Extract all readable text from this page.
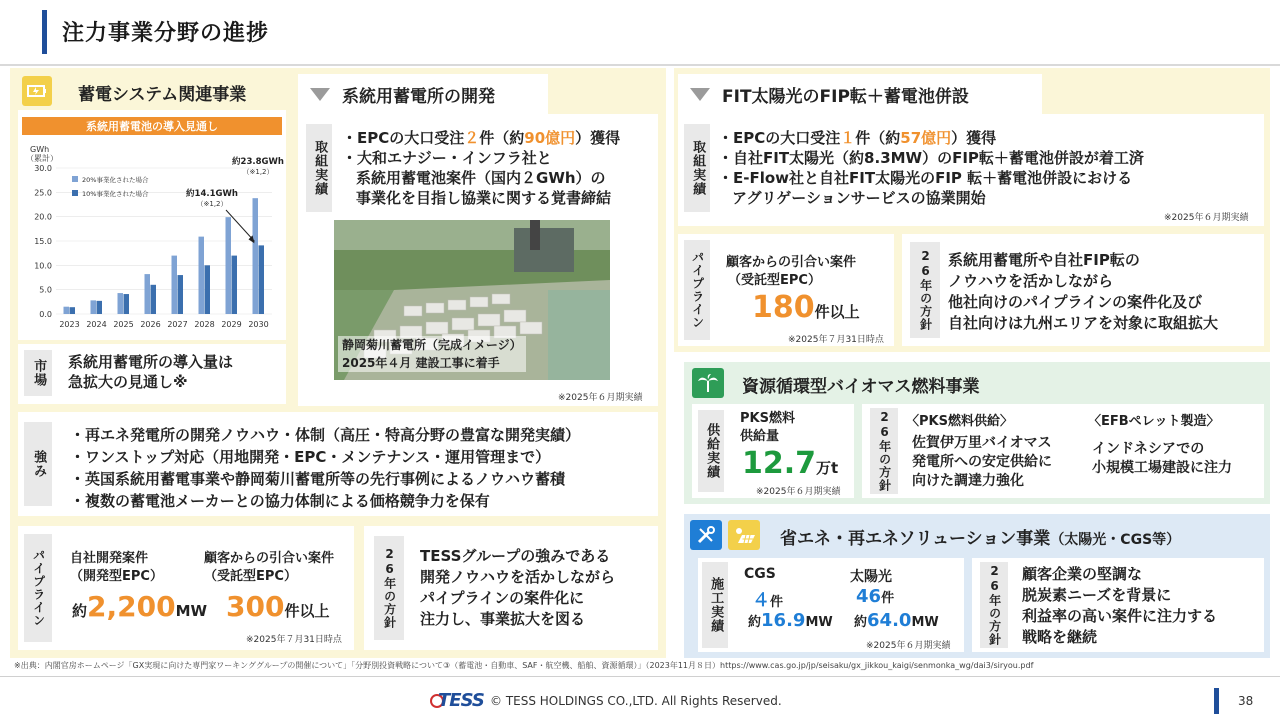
注力事業分野の進捗
蓄電システム関連事業
系統用蓄電池の導入見通し
GWh
（累計）
0.0
5.0
10.0
15.0
20.0
25.0
30.0
2023 2024 2025 2026 2027 2028 2029 2030
20%事業化された場合
10%事業化された場合
約23.8GWh
（※1,2）
約14.1GWh
（※1,2）
市場	系統用蓄電所の導入量は
急拡大の見通し※
強み
・再エネ発電所の開発ノウハウ・体制（高圧・特高分野の豊富な開発実績）
・ワンストップ対応（用地開発・EPC・メンテナンス・運用管理まで）
・英国系統用蓄電事業や静岡菊川蓄電所等の先行事例によるノウハウ蓄積
・複数の蓄電池メーカーとの協力体制による価格競争力を保有
パイプライン	自社開発案件
（開発型EPC）
顧客からの引合い案件
（受託型EPC）
約2,200MW 300件以上
※2025年７月31日時点
26年の方針	TESSグループの強みである
開発ノウハウを活かしながら
パイプラインの案件化に
注力し、事業拡大を図る
系統用蓄電所の開発
取組実績
・EPCの大口受注２件（約90億円）獲得
・大和エナジー・インフラ社と
系統用蓄電池案件（国内２GWh）の
事業化を目指し協業に関する覚書締結
静岡菊川蓄電所（完成イメージ）
2025年４月 建設工事に着手
※2025年６月期実績
FIT太陽光のFIP転＋蓄電池併設
取組実績
・EPCの大口受注１件（約57億円）獲得
・自社FIT太陽光（約8.3MW）のFIP転＋蓄電池併設が着工済
・E-Flow社と自社FIT太陽光のFIP 転＋蓄電池併設における
アグリゲーションサービスの協業開始
※2025年６月期実績
パイプライン	顧客からの引合い案件
（受託型EPC）
180件以上
※2025年７月31日時点
26年の方針	系統用蓄電所や自社FIP転の
ノウハウを活かしながら
他社向けのパイプラインの案件化及び
自社向けは九州エリアを対象に取組拡大
資源循環型バイオマス燃料事業
供給実績
PKS燃料
供給量
12.7万t
※2025年６月期実績	26年の方針	〈PKS燃料供給〉
佐賀伊万里バイオマス
発電所への安定供給に
向けた調達力強化
〈EFBペレット製造〉
インドネシアでの
小規模工場建設に注力
省エネ・再エネソリューション事業（太陽光・CGS等）
施工実績
CGS
４件
約16.9MW
太陽光
46件
約64.0MW
※2025年６月期実績	26年の方針	顧客企業の堅調な
脱炭素ニーズを背景に
利益率の高い案件に注力する
戦略を継続
※出典：内閣官房ホームページ「GX実現に向けた専門家ワーキンググループの開催について」「分野別投資戦略について③（蓄電池・自動車、SAF・航空機、船舶、資源循環）」（2023年11月８日）https://www.cas.go.jp/jp/seisaku/gx_jikkou_kaigi/senmonka_wg/dai3/siryou.pdf
TESS © TESS HOLDINGS CO.,LTD. All Rights Reserved.	38
